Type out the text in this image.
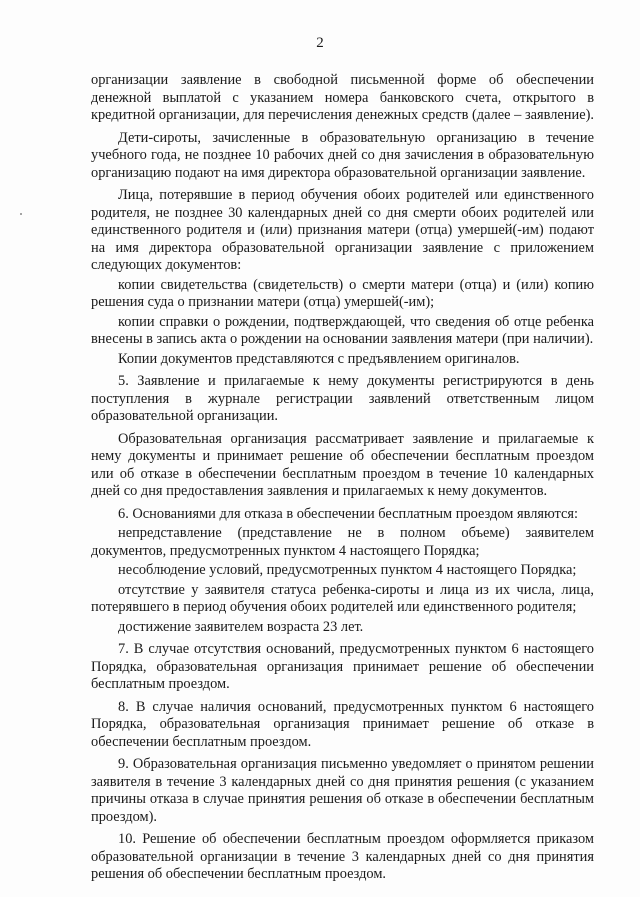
2

организации заявление в свободной письменной форме об обеспечении денежной выплатой с указанием номера банковского счета, открытого в кредитной организации, для перечисления денежных средств (далее – заявление).

Дети-сироты, зачисленные в образовательную организацию в течение учебного года, не позднее 10 рабочих дней со дня зачисления в образовательную организацию подают на имя директора образовательной организации заявление.

Лица, потерявшие в период обучения обоих родителей или единственного родителя, не позднее 30 календарных дней со дня смерти обоих родителей или единственного родителя и (или) признания матери (отца) умершей(-им) подают на имя директора образовательной организации заявление с приложением следующих документов:

копии свидетельства (свидетельств) о смерти матери (отца) и (или) копию решения суда о признании матери (отца) умершей(-им);

копии справки о рождении, подтверждающей, что сведения об отце ребенка внесены в запись акта о рождении на основании заявления матери (при наличии).

Копии документов представляются с предъявлением оригиналов.

5. Заявление и прилагаемые к нему документы регистрируются в день поступления в журнале регистрации заявлений ответственным лицом образовательной организации.

Образовательная организация рассматривает заявление и прилагаемые к нему документы и принимает решение об обеспечении бесплатным проездом или об отказе в обеспечении бесплатным проездом в течение 10 календарных дней со дня предоставления заявления и прилагаемых к нему документов.

6. Основаниями для отказа в обеспечении бесплатным проездом являются:

непредставление (представление не в полном объеме) заявителем документов, предусмотренных пунктом 4 настоящего Порядка;

несоблюдение условий, предусмотренных пунктом 4 настоящего Порядка;

отсутствие у заявителя статуса ребенка-сироты и лица из их числа, лица, потерявшего в период обучения обоих родителей или единственного родителя;

достижение заявителем возраста 23 лет.

7. В случае отсутствия оснований, предусмотренных пунктом 6 настоящего Порядка, образовательная организация принимает решение об обеспечении бесплатным проездом.

8. В случае наличия оснований, предусмотренных пунктом 6 настоящего Порядка, образовательная организация принимает решение об отказе в обеспечении бесплатным проездом.

9. Образовательная организация письменно уведомляет о принятом решении заявителя в течение 3 календарных дней со дня принятия решения (с указанием причины отказа в случае принятия решения об отказе в обеспечении бесплатным проездом).

10. Решение об обеспечении бесплатным проездом оформляется приказом образовательной организации в течение 3 календарных дней со дня принятия решения об обеспечении бесплатным проездом.
